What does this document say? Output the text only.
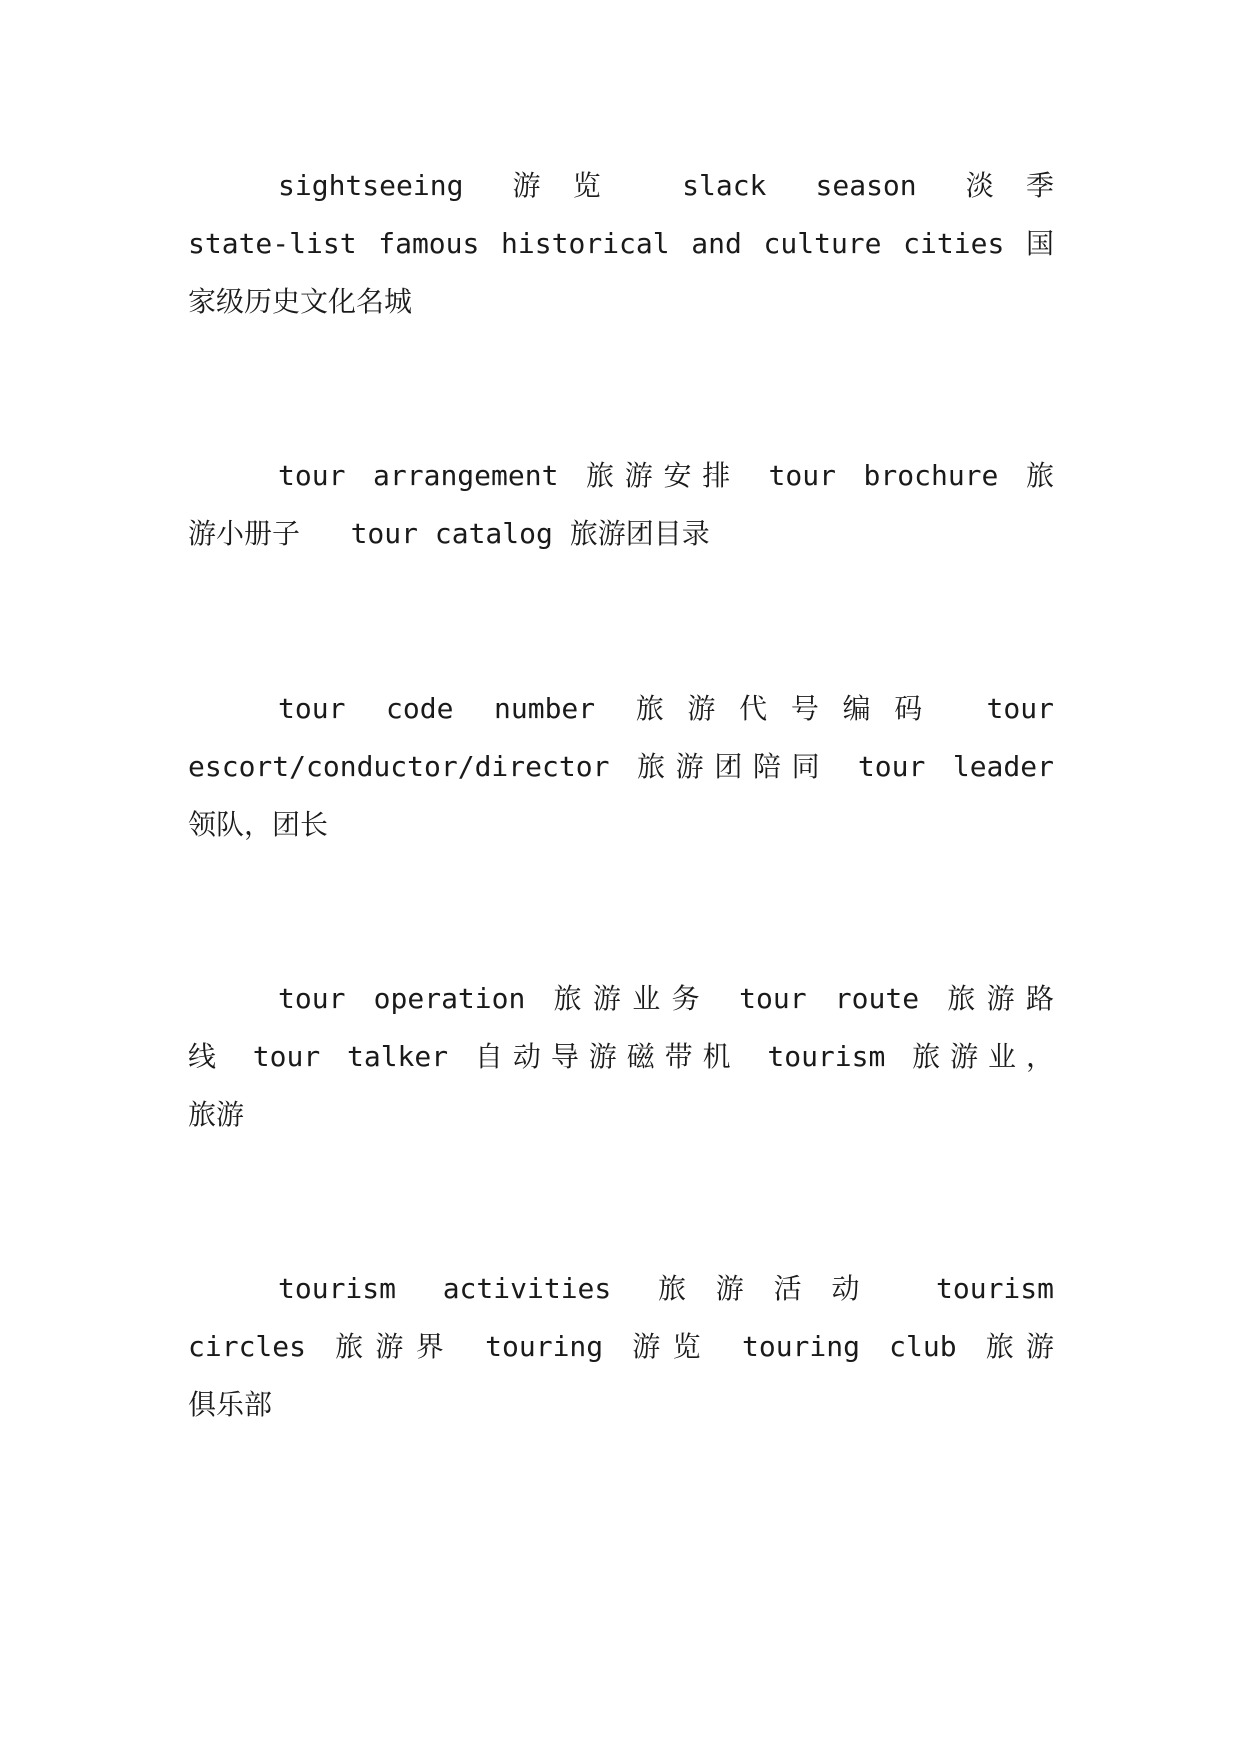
sightseeing 游览 slack season 淡季
state-list famous historical and culture cities 国
家级历史文化名城
tour arrangement 旅游安排 tour brochure 旅
游小册子   tour catalog 旅游团目录
tour code number 旅游代号编码 tour
escort/conductor/director 旅游团陪同 tour leader
领队，团长
tour operation 旅游业务 tour route 旅游路
线 tour talker 自动导游磁带机 tourism 旅游业，
旅游
tourism activities 旅游活动 tourism
circles 旅游界 touring 游览 touring club 旅游
俱乐部
